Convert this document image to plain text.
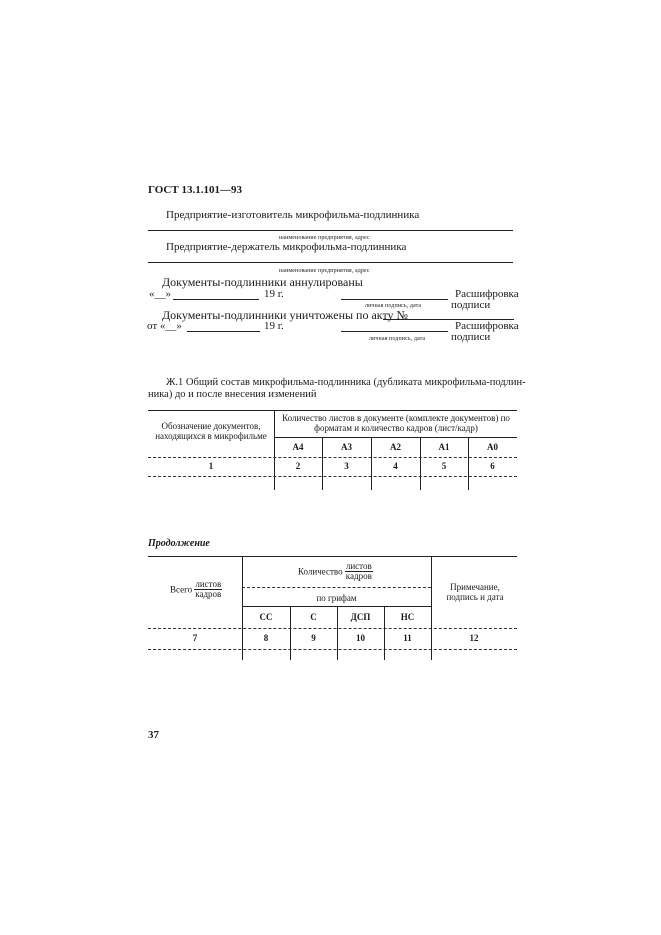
ГОСТ 13.1.101—93
Предприятие-изготовитель микрофильма-подлинника
наименование предприятия, адрес
Предприятие-держатель микрофильма-подлинника
наименование предприятия, адрес
Документы-подлинники аннулированы
«__»	19 г.	Расшифровка
личная подпись, дата	подписи
Документы-подлинники уничтожены по акту №
от «__»	19 г.	Расшифровка
личная подпись, дата подписи
Ж.1 Общий состав микрофильма-подлинника (дубликата микрофильма-подлин-
ника) до и после внесения изменений
Обозначение документов, находящихся в микрофильме
Количество листов в документе (комплекте документов) по форматам и количество кадров (лист/кадр)
А4	А3	А2	А1	А0
1	2	3	4	5	6
Продолжение
Всего $\frac{\text{листов}}{\text{кадров}}$
Количество $\frac{\text{листов}}{\text{кадров}}$
по грифам
Примечание, подпись и дата
СС	С	ДСП	НС
7	8	9	10	11	12
37
